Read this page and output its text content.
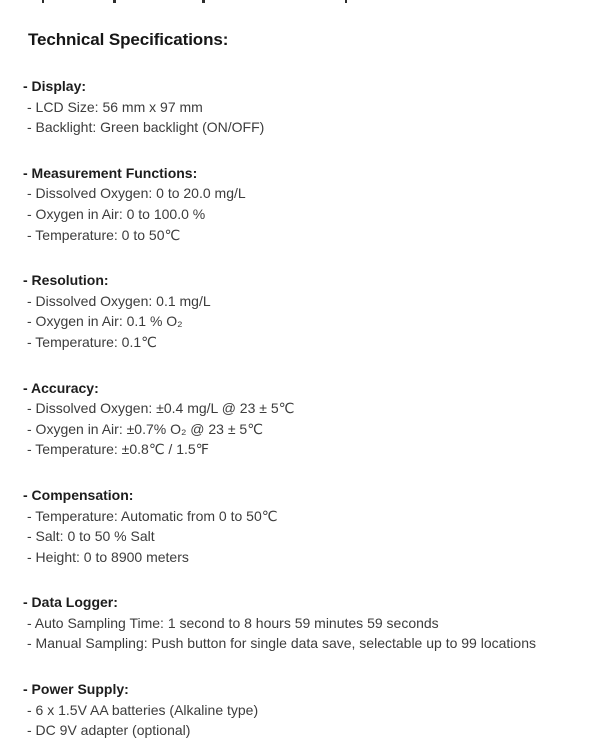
Technical Specifications:
- Display:
- LCD Size: 56 mm x 97 mm
- Backlight: Green backlight (ON/OFF)
- Measurement Functions:
- Dissolved Oxygen: 0 to 20.0 mg/L
- Oxygen in Air: 0 to 100.0 %
- Temperature: 0 to 50℃
- Resolution:
- Dissolved Oxygen: 0.1 mg/L
- Oxygen in Air: 0.1 % O₂
- Temperature: 0.1℃
- Accuracy:
- Dissolved Oxygen: ±0.4 mg/L @ 23 ± 5℃
- Oxygen in Air: ±0.7% O₂ @ 23 ± 5℃
- Temperature: ±0.8℃ / 1.5℉
- Compensation:
- Temperature: Automatic from 0 to 50℃
- Salt: 0 to 50 % Salt
- Height: 0 to 8900 meters
- Data Logger:
- Auto Sampling Time: 1 second to 8 hours 59 minutes 59 seconds
- Manual Sampling: Push button for single data save, selectable up to 99 locations
- Power Supply:
- 6 x 1.5V AA batteries (Alkaline type)
- DC 9V adapter (optional)
